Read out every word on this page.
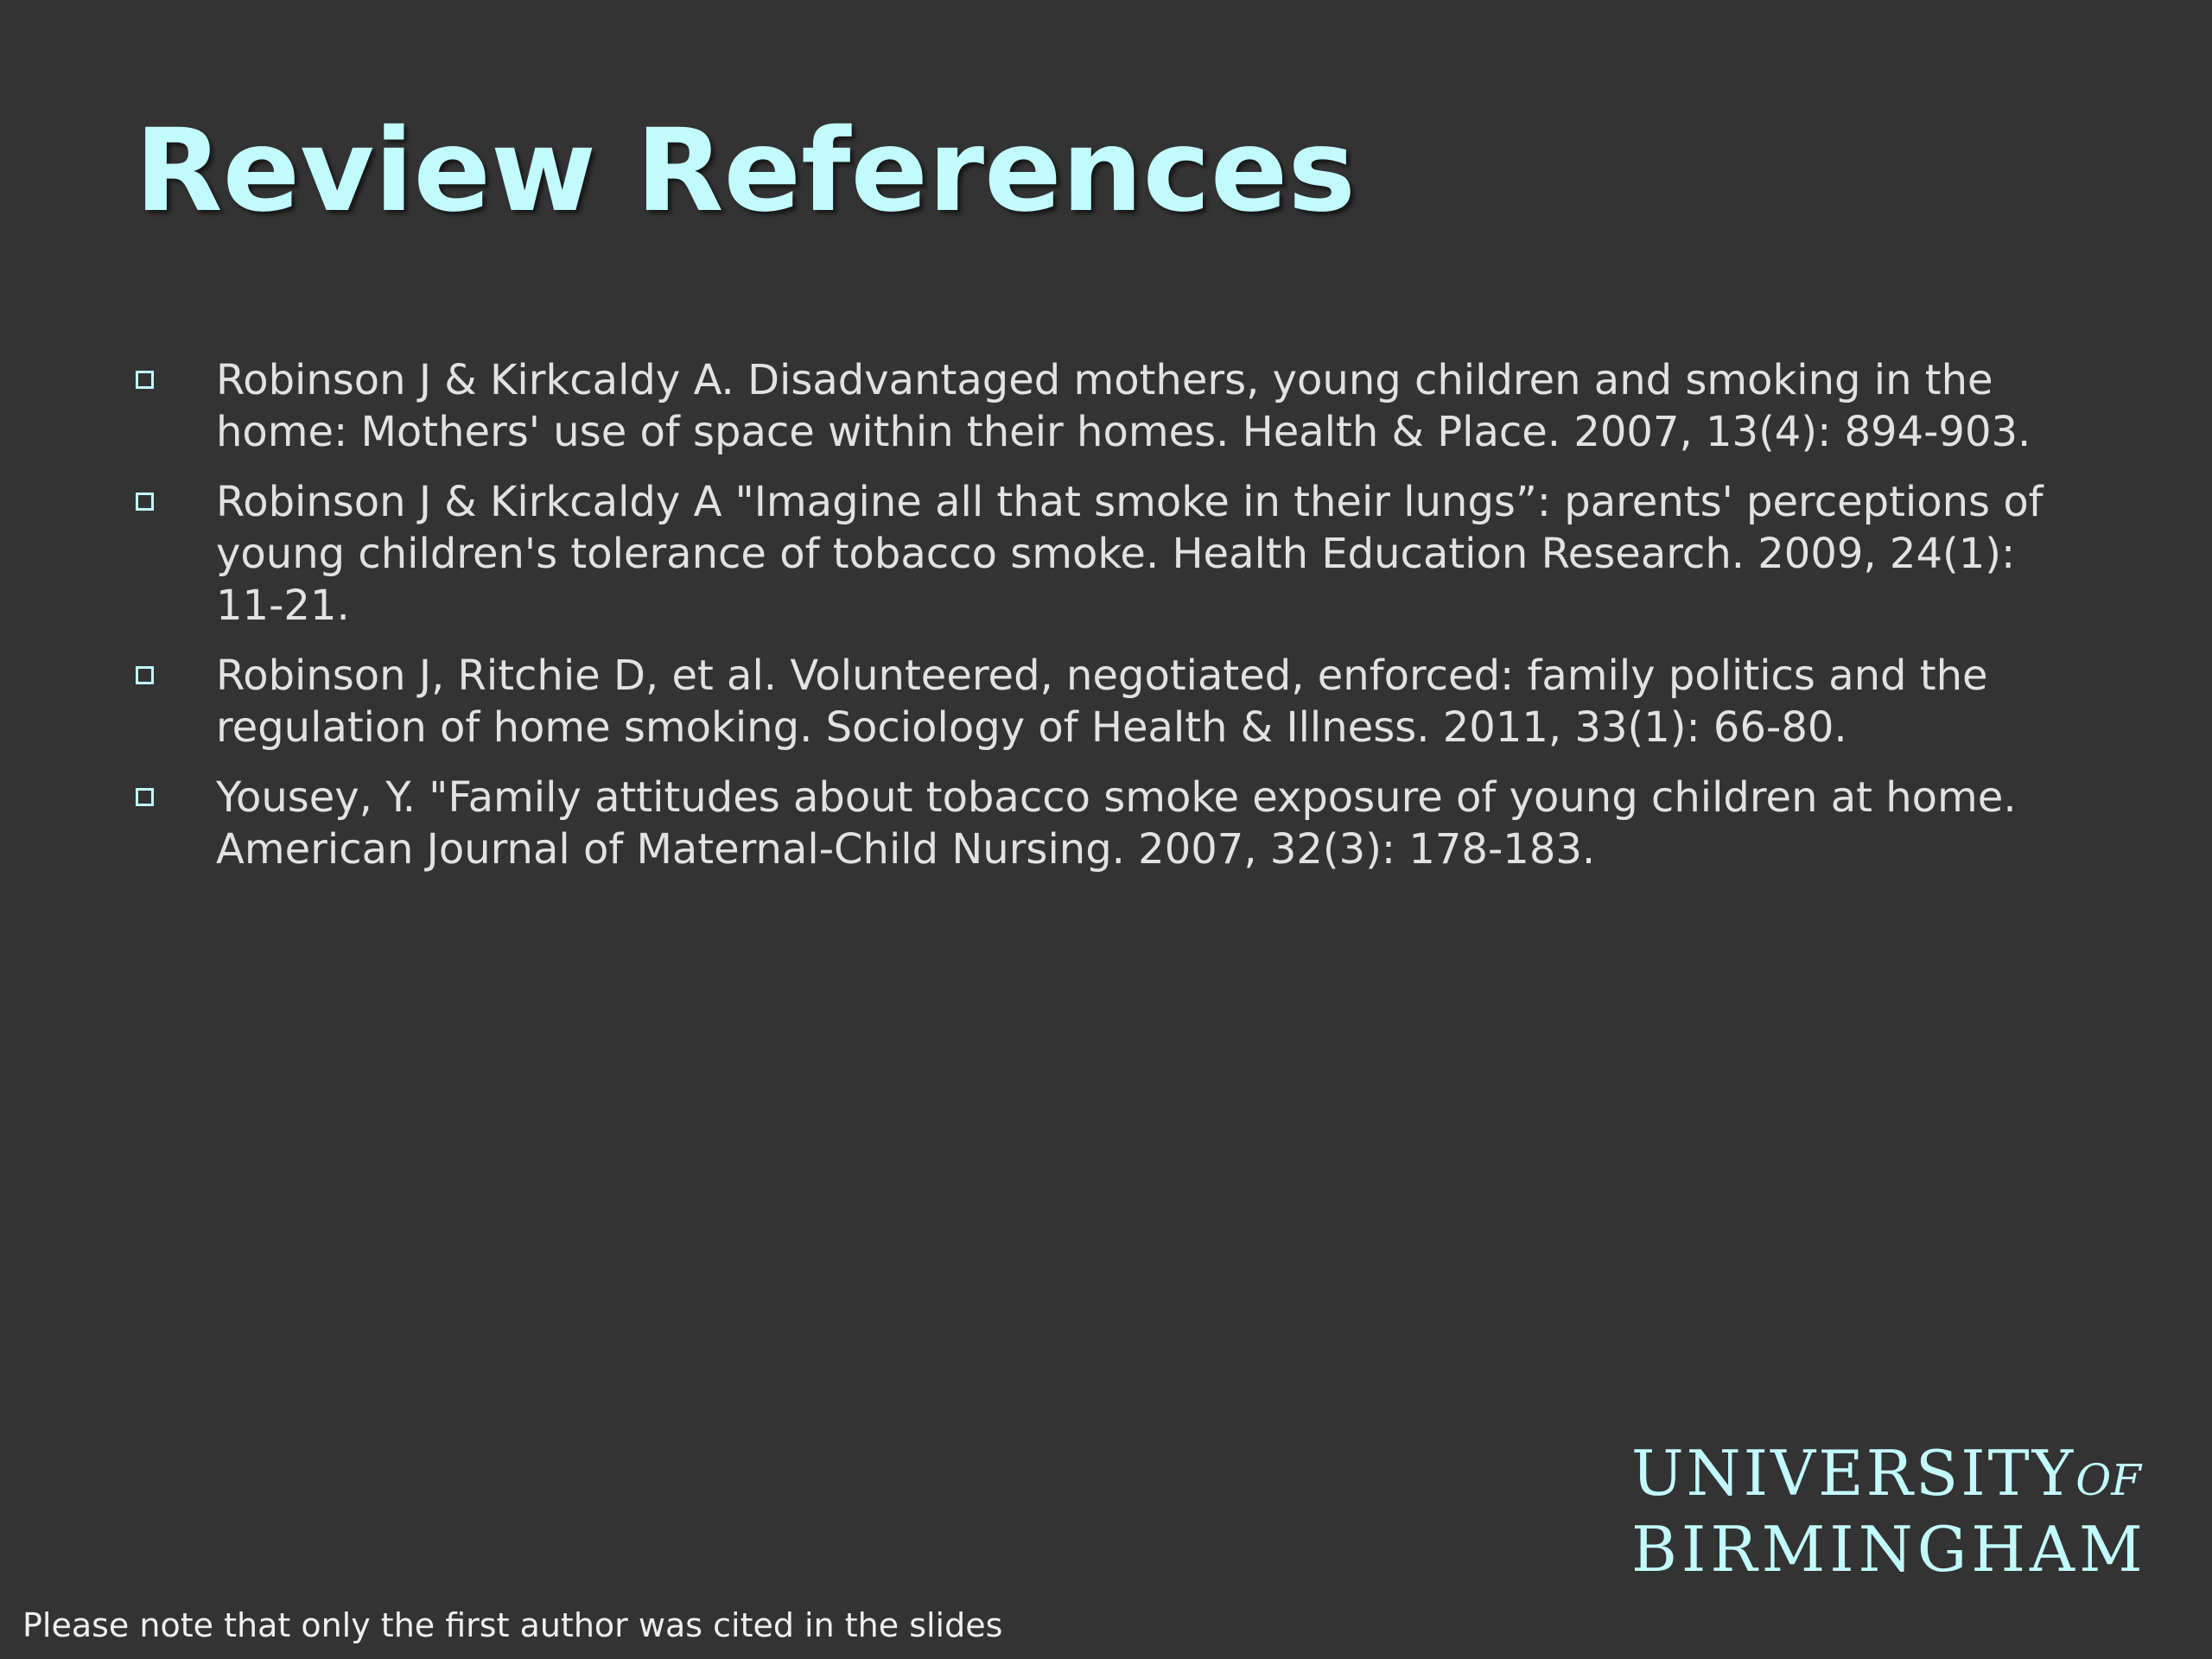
Review References
Robinson J & Kirkcaldy A. Disadvantaged mothers, young children and smoking in the home: Mothers' use of space within their homes. Health & Place. 2007, 13(4): 894-903.
Robinson J & Kirkcaldy A "Imagine all that smoke in their lungs”: parents' perceptions of young children's tolerance of tobacco smoke. Health Education Research. 2009, 24(1): 11-21.
Robinson J, Ritchie D, et al. Volunteered, negotiated, enforced: family politics and the regulation of home smoking. Sociology of Health & Illness. 2011, 33(1): 66-80.
Yousey, Y. "Family attitudes about tobacco smoke exposure of young children at home. American Journal of Maternal-Child Nursing. 2007, 32(3): 178-183.
UNIVERSITYOF
BIRMINGHAM
Please note that only the first author was cited in the slides
